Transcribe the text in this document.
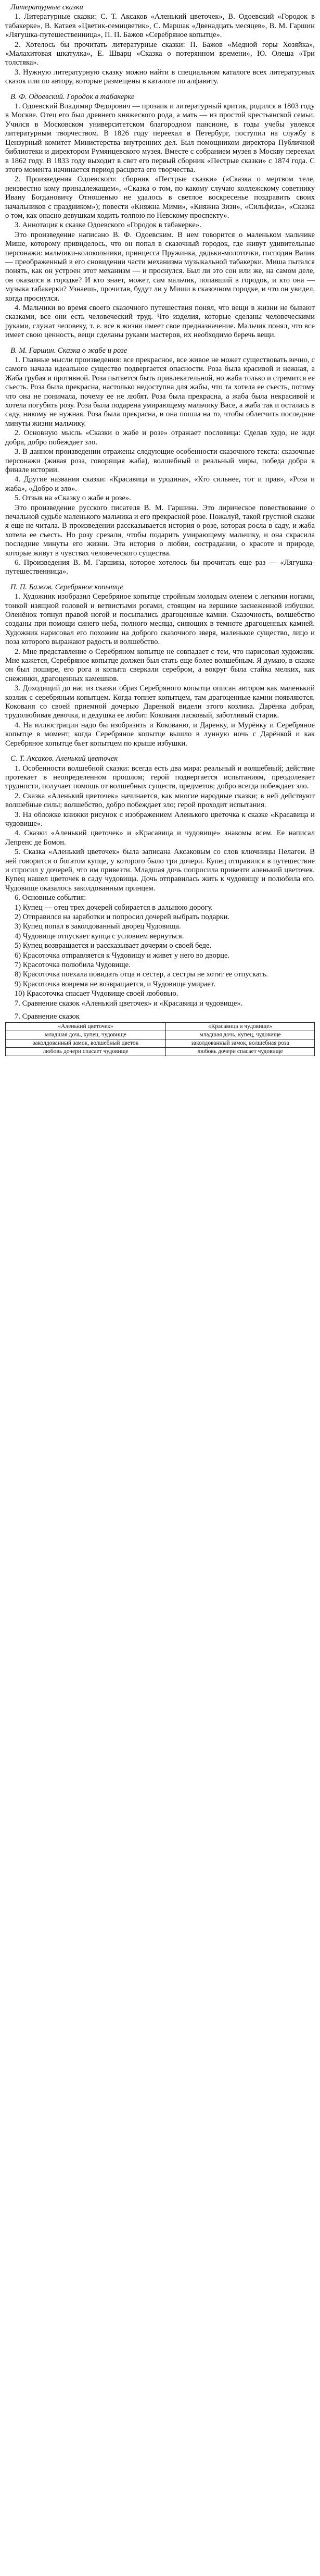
Литературные сказки

1. Литературные сказки: С. Т. Аксаков «Аленький цветочек», В. Одоевский «Городок в табакерке», В. Катаев «Цветик-семицветик», С. Маршак «Двенадцать месяцев», В. М. Гаршин «Лягушка-путешественница», П. П. Бажов «Серебряное копытце».

2. Хотелось бы прочитать литературные сказки: П. Бажов «Медной горы Хозяйка», «Малахитовая шкатулка», Е. Шварц «Сказка о потерянном времени», Ю. Олеша «Три толстяка».

3. Нужную литературную сказку можно найти в специальном каталоге всех литературных сказок или по автору, которые размещены в каталоге по алфавиту.

В. Ф. Одоевский. Городок в табакерке

1. Одоевский Владимир Федорович — прозаик и литературный критик, родился в 1803 году в Москве. Отец его был древнего княжеского рода, а мать — из простой крестьянской семьи. Учился в Московском университетском благородном пансионе, в годы учебы увлекся литературным творчеством. В 1826 году переехал в Петербург, поступил на службу в Цензурный комитет Министерства внутренних дел. Был помощником директора Публичной библиотеки и директором Румянцевского музея. Вместе с собранием музея в Москву переехал в 1862 году. В 1833 году выходит в свет его первый сборник «Пестрые сказки» с 1874 года. С этого момента начинается период расцвета его творчества.

2. Произведения Одоевского: сборник «Пестрые сказки» («Сказка о мертвом теле, неизвестно кому принадлежащем», «Сказка о том, по какому случаю коллежскому советнику Ивану Богдановичу Отношенью не удалось в светлое воскресенье поздравить своих начальников с праздником»); повести «Княжна Мими», «Княжна Зизи», «Сильфида», «Сказка о том, как опасно девушкам ходить толпою по Невскому проспекту».

3. Аннотация к сказке Одоевского «Городок в табакерке».

Это произведение написано В. Ф. Одоевским. В нем говорится о маленьком мальчике Мише, которому привиделось, что он попал в сказочный городок, где живут удивительные персонажи: мальчики-колокольчики, принцесса Пружинка, дядьки-молоточки, господин Валик — преображенный в его сновидении части механизма музыкальной табакерки. Миша пытался понять, как он устроен этот механизм — и проснулся. Был ли это сон или же, на самом деле, он оказался в городке? И кто знает, может, сам мальчик, попавший в городок, и кто она — музыка табакерки? Узнаешь, прочитав, будут ли у Миши в сказочном городке, и что он увидел, когда проснулся.

4. Мальчики во время своего сказочного путешествия понял, что вещи в жизни не бывают сказками, все они есть человеческий труд. Что изделия, которые сделаны человеческими руками, служат человеку, т. е. все в жизни имеет свое предназначение. Мальчик понял, что все имеет свою ценность, вещи сделаны руками мастеров, их необходимо беречь вещи.

В. М. Гаршин. Сказка о жабе и розе

1. Главные мысли произведения: все прекрасное, все живое не может существовать вечно, с самого начала идеальное существо подвергается опасности. Роза была красивой и нежная, а Жаба грубая и противной. Роза пытается быть привлекательной, но жаба только и стремится ее съесть. Роза была прекрасна, настолько недоступна для жабы, что та хотела ее съесть, потому что она не понимала, почему ее не любят. Роза была прекрасна, а жаба была некрасивой и хотела погубить розу. Роза была подарена умирающему мальчику Васе, а жаба так и осталась в саду, никому не нужная. Роза была прекрасна, и она пошла на то, чтобы облегчить последние минуты жизни мальчику.

2. Основную мысль «Сказки о жабе и розе» отражает пословица: Сделав худо, не жди добра, добро побеждает зло.

3. В данном произведении отражены следующие особенности сказочного текста: сказочные персонажи (живая роза, говорящая жаба), волшебный и реальный миры, победа добра в финале истории.

4. Другие названия сказки: «Красавица и уродина», «Кто сильнее, тот и прав», «Роза и жаба», «Добро и зло».

5. Отзыв на «Сказку о жабе и розе».

Это произведение русского писателя В. М. Гаршина. Это лирическое повествование о печальной судьбе маленького мальчика и его прекрасной розе. Пожалуй, такой грустной сказки я еще не читала. В произведении рассказывается история о розе, которая росла в саду, и жаба хотела ее съесть. Но розу срезали, чтобы подарить умирающему мальчику, и она скрасила последние минуты его жизни. Эта история о любви, сострадании, о красоте и природе, которые живут в чувствах человеческого существа.

6. Произведения В. М. Гаршина, которое хотелось бы прочитать еще раз — «Лягушка-путешественница».

П. П. Бажов. Серебряное копытце

1. Художник изобразил Серебряное копытце стройным молодым оленем с легкими ногами, тонкой изящной головой и ветвистыми рогами, стоящим на вершине заснеженной избушки. Оленёнок топнул правой ногой и посыпались драгоценные камни. Сказочность, волшебство созданы при помощи синего неба, полного месяца, сияющих в темноте драгоценных камней. Художник нарисовал его похожим на доброго сказочного зверя, маленькое существо, лицо и поза которого выражают радость и волшебство.

2. Мне представление о Серебряном копытце не совпадает с тем, что нарисовал художник. Мне кажется, Серебряное копытце должен был стать еще более волшебным. Я думаю, в сказке он был пошире, его рога и копыта сверкали серебром, а вокруг была стайка мелких, как снежинки, драгоценных камешков.

3. Доходящий до нас из сказки образ Серебряного копытца описан автором как маленький козлик с серебряным копытцем. Когда топнет копытцем, там драгоценные камни появляются. Кокованя со своей приемной дочерью Даренкой видели этого козлика. Дарёнка добрая, трудолюбивая девочка, и дедушка ее любит. Кокованя ласковый, заботливый старик.

4. На иллюстрации надо бы изобразить и Кокованю, и Даренку, и Мурёнку и Серебряное копытце в момент, когда Серебряное копытце вышло в лунную ночь с Дарёнкой и как Серебряное копытце бьет копытцем по крыше избушки.

С. Т. Аксаков. Аленький цветочек

1. Особенности волшебной сказки: всегда есть два мира: реальный и волшебный; действие протекает в неопределенном прошлом; герой подвергается испытаниям, преодолевает трудности, получает помощь от волшебных существ, предметов; добро всегда побеждает зло.

2. Сказка «Аленький цветочек» начинается, как многие народные сказки; в ней действуют волшебные силы; волшебство, добро побеждает зло; герой проходит испытания.

3. На обложке книжки рисунок с изображением Аленького цветочка к сказке «Красавица и чудовище».

4. Сказки «Аленький цветочек» и «Красавица и чудовище» знакомы всем. Ее написал Лепренс де Бомон.

5. Сказка «Аленький цветочек» была записана Аксаковым со слов ключницы Пелагеи. В ней говорится о богатом купце, у которого было три дочери. Купец отправился в путешествие и спросил у дочерей, что им привезти. Младшая дочь попросила привезти аленький цветочек. Купец нашел цветочек в саду чудовища. Дочь отправилась жить к чудовищу и полюбила его. Чудовище оказалось заколдованным принцем.

6. Основные события:

1) Купец — отец трех дочерей собирается в дальнюю дорогу.

2) Отправился на заработки и попросил дочерей выбрать подарки.

3) Купец попал в заколдованный дворец Чудовища.

4) Чудовище отпускает купца с условием вернуться.

5) Купец возвращается и рассказывает дочерям о своей беде.

6) Красоточка отправляется к Чудовищу и живет у него во дворце.

7) Красоточка полюбила Чудовище.

8) Красоточка поехала повидать отца и сестер, а сестры не хотят ее отпускать.

9) Красоточка вовремя не возвращается, и Чудовище умирает.

10) Красоточка спасает Чудовище своей любовью.

7. Сравнение сказок «Аленький цветочек» и «Красавица и чудовище».

7. Сравнение сказок
«Аленький цветочек»	«Красавица и чудовище»
младшая дочь, купец, чудовище	младшая дочь, купец, чудовище
заколдованный замок, волшебный цветок	заколдованный замок, волшебная роза
любовь дочери спасает чудовище	любовь дочери спасает чудовище
